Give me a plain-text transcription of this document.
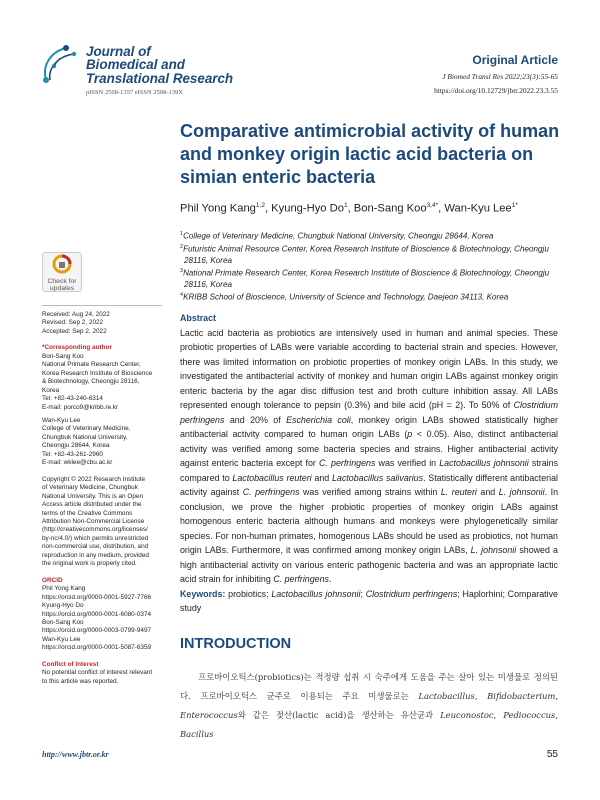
Journal of
Biomedical and
Translational Research
pISSN 2508-1357 eISSN 2508-139X
Original Article
J Biomed Transl Res 2022;23(3):55-65
https://doi.org/10.12729/jbtr.2022.23.3.55
Comparative antimicrobial activity of human
and monkey origin lactic acid bacteria on
simian enteric bacteria
Phil Yong Kang$^{1,2}$, Kyung-Hyo Do$^1$, Bon-Sang Koo$^{3,4*}$, Wan-Kyu Lee$^{1*}$

$^1$College of Veterinary Medicine, Chungbuk National University, Cheongju 28644, Korea

$^2$Futuristic Animal Resource Center, Korea Research Institute of Bioscience & Biotechnology, Cheongju 28116, Korea

$^3$National Primate Research Center, Korea Research Institute of Bioscience & Biotechnology, Cheongju 28116, Korea

$^4$KRIBB School of Bioscience, University of Science and Technology, Daejeon 34113, Korea

Check for
updates
Received: Aug 24, 2022
Revised: Sep 2, 2022
Accepted: Sep 2, 2022
*Corresponding author
Bon-Sang Koo
National Primate Research Center,
Korea Research Institute of Bioscience
& Biotechnology, Cheongju 28116,
Korea
Tel: +82-43-240-6314
E-mail: porco9@kribb.re.kr
Wan-Kyu Lee
College of Veterinary Medicine,
Chungbuk National University,
Cheongju 28644, Korea
Tel: +82-43-261-2960
E-mail: wklee@cbu.ac.kr
Copyright © 2022 Research Institute
of Veterinary Medicine, Chungbuk
National University. This is an Open
Access article distributed under the
terms of the Creative Commons
Attribution Non-Commercial License
(http://creativecommons.org/licenses/
by-nc/4.0/) which permits unrestricted
non-commercial use, distribution, and
reproduction in any medium, provided
the original work is properly cited.
ORCID
Phil Yong Kang
https://orcid.org/0000-0001-5927-7766
Kyung-Hyo Do
https://orcid.org/0000-0001-6080-0374
Bon-Sang Koo
https://orcid.org/0000-0003-0799-9497
Wan-Kyu Lee
https://orcid.org/0000-0001-5087-6359
Conflict of Interest
No potential conflict of interest relevant
to this article was reported.
Abstract
Lactic acid bacteria as probiotics are intensively used in human and animal species. These probiotic properties of LABs were variable according to bacterial strain and species. However, there was limited information on probiotic properties of monkey origin LABs. In this study, we investigated the antibacterial activity of monkey and human origin LABs against monkey origin enteric bacteria by the agar disc diffusion test and broth culture inhibition assay. All LABs represented enough tolerance to pepsin (0.3%) and bile acid (pH = 2). To 50% of Clostridium perfringens and 20% of Escherichia coli, monkey origin LABs showed statistically higher antibacterial activity compared to human origin LABs (p < 0.05). Also, distinct antibacterial activity was verified among some bacteria species and strains. Higher antibacterial activity against enteric bacteria except for C. perfringens was verified in Lactobacillus johnsonii strains compared to Lactobacillus reuteri and Lactobacillus salivarius. Statistically different antibacterial activity against C. perfringens was verified among strains within L. reuteri and L. johnsonii. In conclusion, we prove the higher probiotic properties of monkey origin LABs against homogenous enteric bacteria although humans and monkeys were phylogenetically similar species. For non-human primates, homogenous LABs should be used as probiotics, not human origin LABs. Furthermore, it was confirmed among monkey origin LABs, L. johnsonii showed a high antibacterial activity on various enteric pathogenic bacteria and was an appropriate lactic acid strain for inhibiting C. perfringens.
Keywords: probiotics; Lactobacillus johnsonii; Clostridium perfringens; Haplorhini; Comparative study
INTRODUCTION
프로바이오틱스(probiotics)는 적정량 섭취 시 숙주에게 도움을 주는 살아 있는 미생물로 정의된다. 프로바이오틱스 균주로 이용되는 주요 미생물로는 Lactobacillus, Bifidobacterium, Enterococcus와 같은 젖산(lactic acid)을 생산하는 유산균과 Leuconostoc, Pediococcus, Bacillus
http://www.jbtr.or.kr	55
